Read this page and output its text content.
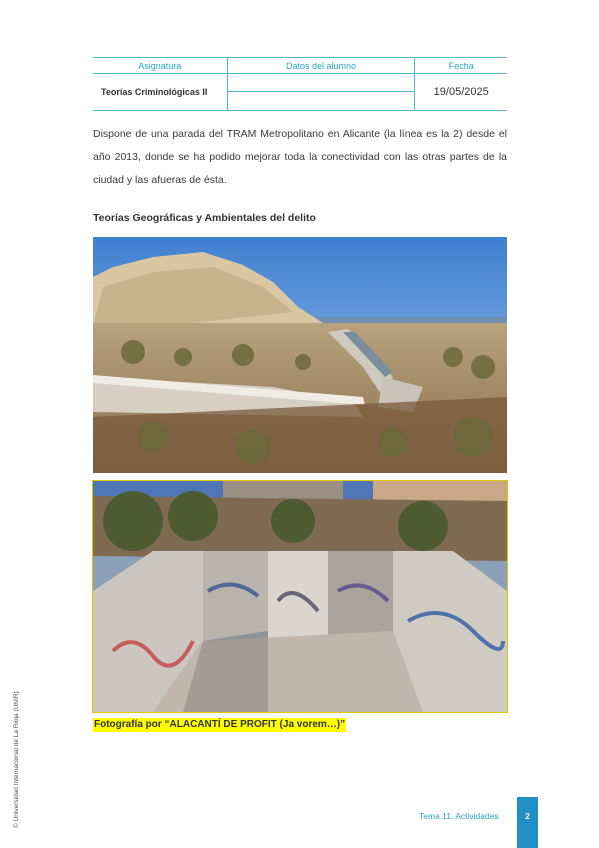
Asignatura	Datos del alumno	Fecha
Teorías Criminológicas II		19/05/2025

Dispone de una parada del TRAM Metropolitano en Alicante (la línea es la 2) desde el año 2013, donde se ha podido mejorar toda la conectividad con las otras partes de la ciudad y las afueras de ésta.

Teorías Geográficas y Ambientales del delito
Fotografía por “ALACANTÍ DE PROFIT (Ja vorem…)”
© Universidad Internacional de La Rioja (UNIR)	Tema 11. Actividades	2
